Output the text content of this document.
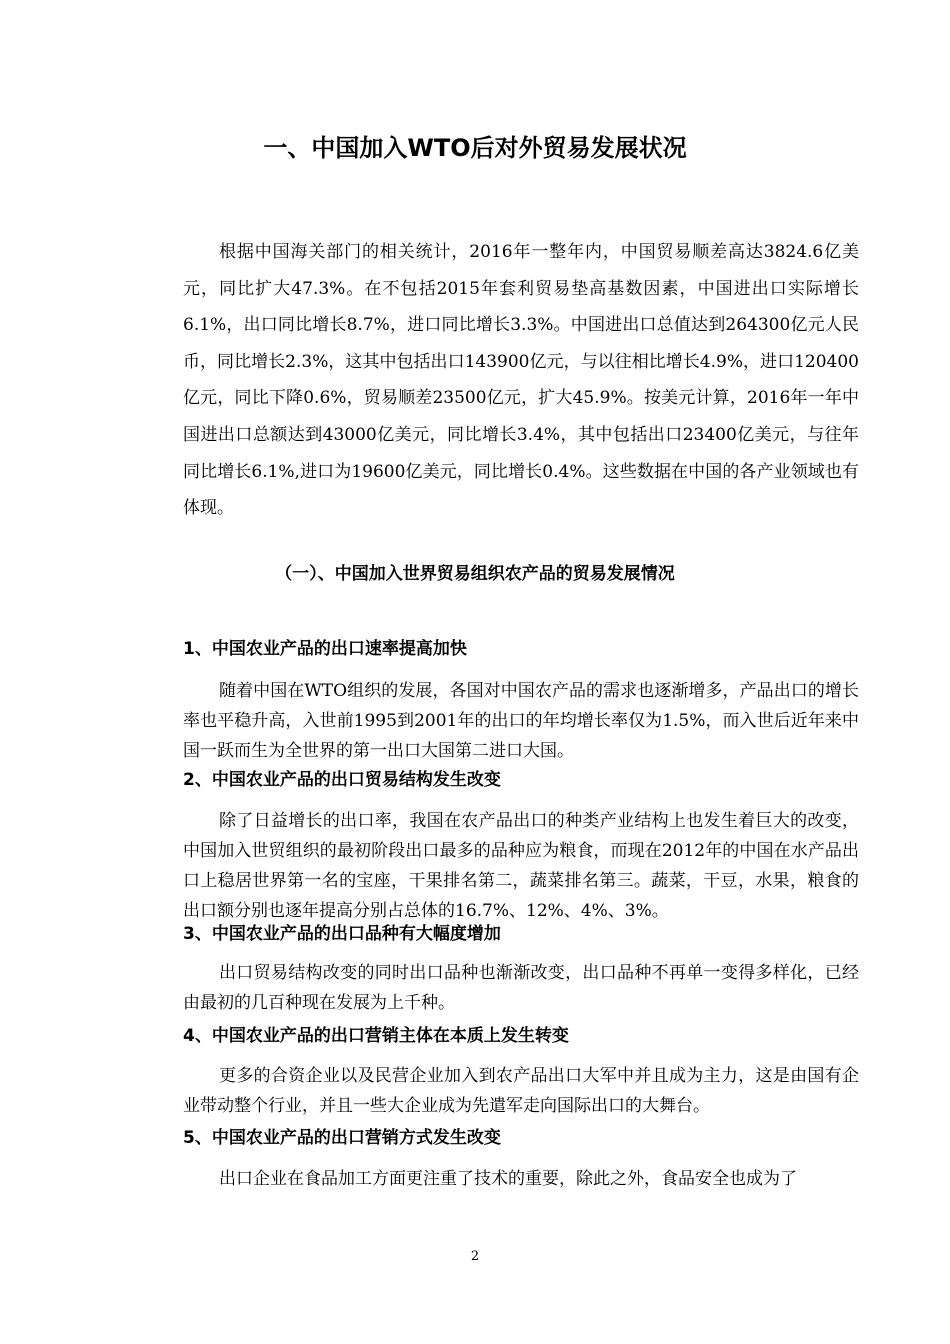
一、中国加入WTO后对外贸易发展状况

根据中国海关部门的相关统计，2016年一整年内，中国贸易顺差高达3824.6亿美元，同比扩大47.3%。在不包括2015年套利贸易垫高基数因素，中国进出口实际增长6.1%，出口同比增长8.7%，进口同比增长3.3%。中国进出口总值达到264300亿元人民币，同比增长2.3%，这其中包括出口143900亿元，与以往相比增长4.9%，进口120400亿元，同比下降0.6%，贸易顺差23500亿元，扩大45.9%。按美元计算，2016年一年中国进出口总额达到43000亿美元，同比增长3.4%，其中包括出口23400亿美元，与往年同比增长6.1%,进口为19600亿美元，同比增长0.4%。这些数据在中国的各产业领域也有体现。

（一）、中国加入世界贸易组织农产品的贸易发展情况
1、中国农业产品的出口速率提高加快

随着中国在WTO组织的发展，各国对中国农产品的需求也逐渐增多，产品出口的增长率也平稳升高，入世前1995到2001年的出口的年均增长率仅为1.5%，而入世后近年来中国一跃而生为全世界的第一出口大国第二进口大国。

2、中国农业产品的出口贸易结构发生改变

除了日益增长的出口率，我国在农产品出口的种类产业结构上也发生着巨大的改变，中国加入世贸组织的最初阶段出口最多的品种应为粮食，而现在2012年的中国在水产品出口上稳居世界第一名的宝座，干果排名第二，蔬菜排名第三。蔬菜，干豆，水果，粮食的出口额分别也逐年提高分别占总体的16.7%、12%、4%、3%。

3、中国农业产品的出口品种有大幅度增加

出口贸易结构改变的同时出口品种也渐渐改变，出口品种不再单一变得多样化，已经由最初的几百种现在发展为上千种。

4、中国农业产品的出口营销主体在本质上发生转变

更多的合资企业以及民营企业加入到农产品出口大军中并且成为主力，这是由国有企业带动整个行业，并且一些大企业成为先遣军走向国际出口的大舞台。

5、中国农业产品的出口营销方式发生改变

出口企业在食品加工方面更注重了技术的重要，除此之外，食品安全也成为了

2
